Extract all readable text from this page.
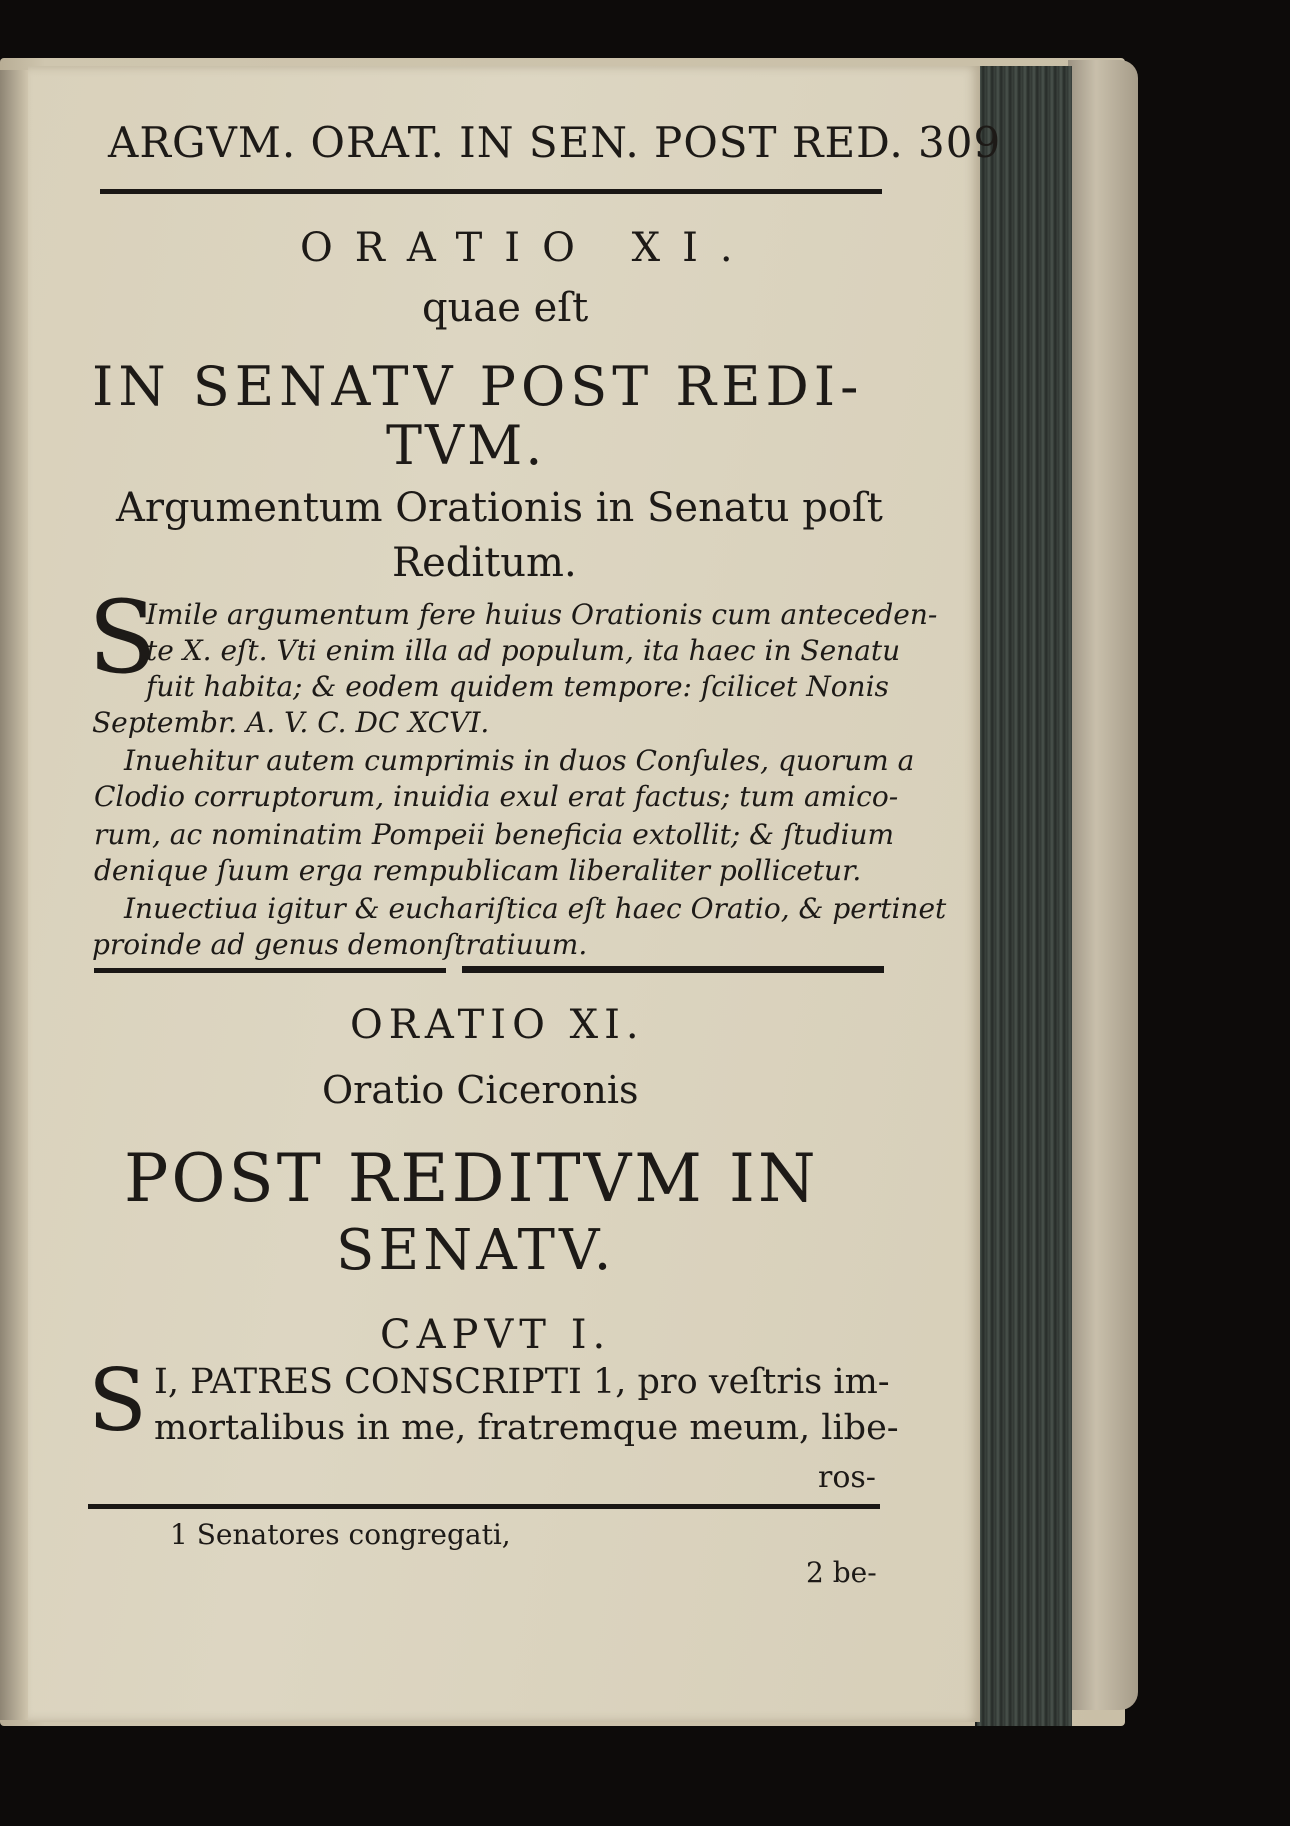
ARGVM. ORAT. IN SEN. POST RED. 309
ORATIO XI.
quae eſt
IN SENATV POST REDI-
TVM.
Argumentum Orationis in Senatu poſt
Reditum.
S
Imile argumentum fere huius Orationis cum anteceden-
te X. eſt. Vti enim illa ad populum, ita haec in Senatu
fuit habita; & eodem quidem tempore: ſcilicet Nonis
Septembr. A. V. C. DC XCVI.
Inuehitur autem cumprimis in duos Conſules, quorum a
Clodio corruptorum, inuidia exul erat factus; tum amico-
rum, ac nominatim Pompeii beneficia extollit; & ſtudium
denique ſuum erga rempublicam liberaliter pollicetur.
Inuectiua igitur & euchariſtica eſt haec Oratio, & pertinet
proinde ad genus demonſtratiuum.
ORATIO XI.
Oratio Ciceronis
POST REDITVM IN
SENATV.
CAPVT I.
S I, PATRES CONSCRIPTI 1, pro veſtris im-
mortalibus in me, fratremque meum, libe-
ros-
1 Senatores congregati,
2 be-
